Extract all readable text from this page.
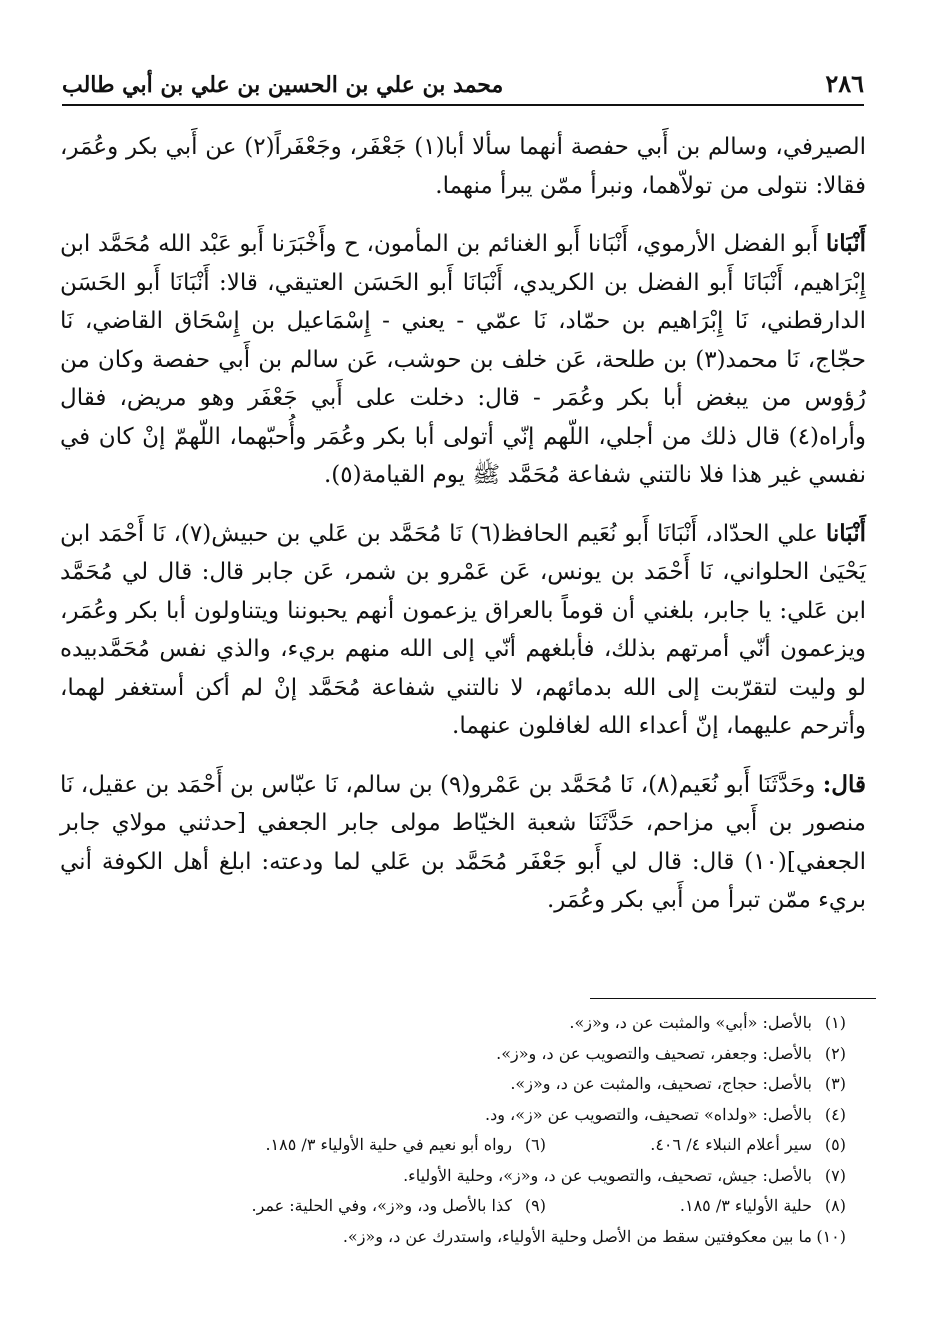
٢٨٦
محمد بن علي بن الحسين بن علي بن أبي طالب

الصيرفي، وسالم بن أَبي حفصة أنهما سألا أبا(١) جَعْفَر، وجَعْفَراً(٢) عن أَبي بكر وعُمَر، فقالا: نتولى من تولاّهما، ونبرأ ممّن يبرأ منهما.

أَنْبَانا أَبو الفضل الأرموي، أَنْبَانا أَبو الغنائم بن المأمون، ح وأَخْبَرَنا أَبو عَبْد الله مُحَمَّد ابن إِبْرَاهيم، أَنْبَانَا أَبو الفضل بن الكريدي، أَنْبَانَا أَبو الحَسَن العتيقي، قالا: أَنْبَانَا أَبو الحَسَن الدارقطني، نَا إِبْرَاهيم بن حمّاد، نَا عمّي - يعني - إِسْمَاعيل بن إِسْحَاق القاضي، نَا حجّاج، نَا محمد(٣) بن طلحة، عَن خلف بن حوشب، عَن سالم بن أَبي حفصة وكان من رُؤوس من يبغض أبا بكر وعُمَر - قال: دخلت على أَبي جَعْفَر وهو مريض، فقال وأراه(٤) قال ذلك من أجلي، اللّهم إنّي أتولى أبا بكر وعُمَر وأُحبّهما، اللّهمّ إنْ كان في نفسي غير هذا فلا نالتني شفاعة مُحَمَّد ﷺ يوم القيامة(٥).

أَنْبَانا علي الحدّاد، أَنْبَانَا أَبو نُعَيم الحافظ(٦) نَا مُحَمَّد بن عَلي بن حبيش(٧)، نَا أَحْمَد ابن يَحْيَىٰ الحلواني، نَا أَحْمَد بن يونس، عَن عَمْرو بن شمر، عَن جابر قال: قال لي مُحَمَّد ابن عَلي: يا جابر، بلغني أن قوماً بالعراق يزعمون أنهم يحبوننا ويتناولون أبا بكر وعُمَر، ويزعمون أنّي أمرتهم بذلك، فأبلغهم أنّي إلى الله منهم بريء، والذي نفس مُحَمَّدبيده لو وليت لتقرّبت إلى الله بدمائهم، لا نالتني شفاعة مُحَمَّد إنْ لم أكن أستغفر لهما، وأترحم عليهما، إنّ أعداء الله لغافلون عنهما.

قال: وحَدَّثَنَا أَبو نُعَيم(٨)، نَا مُحَمَّد بن عَمْرو(٩) بن سالم، نَا عبّاس بن أَحْمَد بن عقيل، نَا منصور بن أَبي مزاحم، حَدَّثَنَا شعبة الخيّاط مولى جابر الجعفي [حدثني مولاي جابر الجعفي](١٠) قال: قال لي أَبو جَعْفَر مُحَمَّد بن عَلي لما ودعته: ابلغ أهل الكوفة أني بريء ممّن تبرأ من أَبي بكر وعُمَر.

(١)بالأصل: «أبي» والمثبت عن د، و«ز».
(٢)بالأصل: وجعفر، تصحيف والتصويب عن د، و«ز».
(٣)بالأصل: حجاج، تصحيف، والمثبت عن د، و«ز».
(٤)بالأصل: «ولداه» تصحيف، والتصويب عن «ز»، ود.
(٥)سير أعلام النبلاء ٤/ ٤٠٦.
(٦)رواه أبو نعيم في حلية الأولياء ٣/ ١٨٥.
(٧)بالأصل: جيش، تصحيف، والتصويب عن د، و«ز»، وحلية الأولياء.
(٨)حلية الأولياء ٣/ ١٨٥.
(٩)كذا بالأصل ود، و«ز»، وفي الحلية: عمر.
(١٠)ما بين معكوفتين سقط من الأصل وحلية الأولياء، واستدرك عن د، و«ز».
